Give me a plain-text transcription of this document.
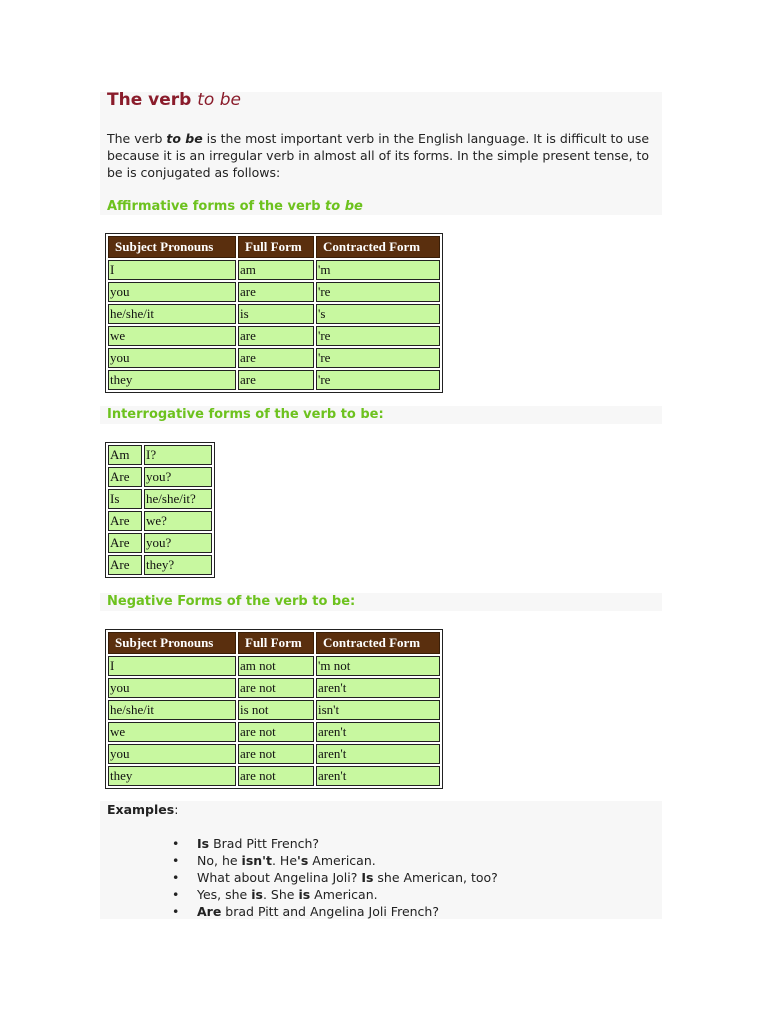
The verb to be

The verb to be is the most important verb in the English language. It is difficult to use because it is an irregular verb in almost all of its forms. In the simple present tense, to be is conjugated as follows:

Affirmative forms of the verb to be
Subject Pronouns	Full Form	Contracted Form
I	am	'm
you	are	're
he/she/it	is	's
we	are	're
you	are	're
they	are	're
Interrogative forms of the verb to be:
Am	I?
Are	you?
Is	he/she/it?
Are	we?
Are	you?
Are	they?
Negative Forms of the verb to be:
Subject Pronouns	Full Form	Contracted Form
I	am not	'm not
you	are not	aren't
he/she/it	is not	isn't
we	are not	aren't
you	are not	aren't
they	are not	aren't

Examples:

• Is Brad Pitt French?
• No, he isn't. He's American.
• What about Angelina Joli? Is she American, too?
• Yes, she is. She is American.
• Are brad Pitt and Angelina Joli French?
